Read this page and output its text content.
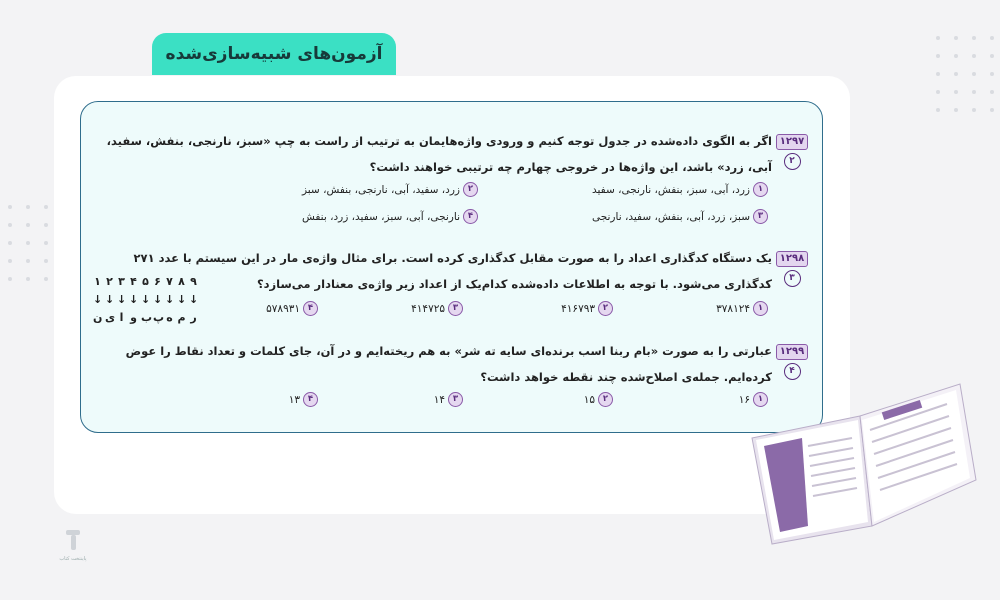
آزمون‌های شبیه‌سازی‌شده
۱۲۹۷
۲
اگر به الگوی داده‌شده در جدول توجه کنیم و ورودی واژه‌هایمان به ترتیب از راست به چپ «سبز، نارنجی، بنفش، سفید، آبی، زرد» باشد، این واژه‌ها در خروجی چهارم چه ترتیبی خواهند داشت؟
۱
زرد، آبی، سبز، بنفش، نارنجی، سفید
۲
زرد، سفید، آبی، نارنجی، بنفش، سبز
۳
سبز، زرد، آبی، بنفش، سفید، نارنجی
۴
نارنجی، آبی، سبز، سفید، زرد، بنفش
۱۲۹۸
۳
یک دستگاه کدگذاری اعداد را به صورت مقابل کدگذاری کرده است. برای مثال واژه‌ی مار در این سیستم با عدد ۲۷۱ کدگذاری می‌شود. با توجه به اطلاعات داده‌شده کدام‌یک از اعداد زیر واژه‌ی معنادار می‌سازد؟
۱
۳۷۸۱۲۴
۲
۴۱۶۷۹۳
۳
۴۱۴۷۲۵
۴
۵۷۸۹۳۱
۱ ۲ ۳ ۴ ۵ ۶ ۷ ۸ ۹
↓ ↓ ↓ ↓ ↓ ↓ ↓ ↓ ↓
ن ی ا و ب پ ه م ر
۱۲۹۹
۴
عبارتی را به صورت «بام ربنا اسب برنده‌ای سایه ته شر» به هم ریخته‌ایم و در آن، جای کلمات و تعداد نقاط را عوض کرده‌ایم. جمله‌ی اصلاح‌شده چند نقطه خواهد داشت؟
۱
۱۶
۲
۱۵
۳
۱۴
۴
۱۳
پاینتخت کتاب
